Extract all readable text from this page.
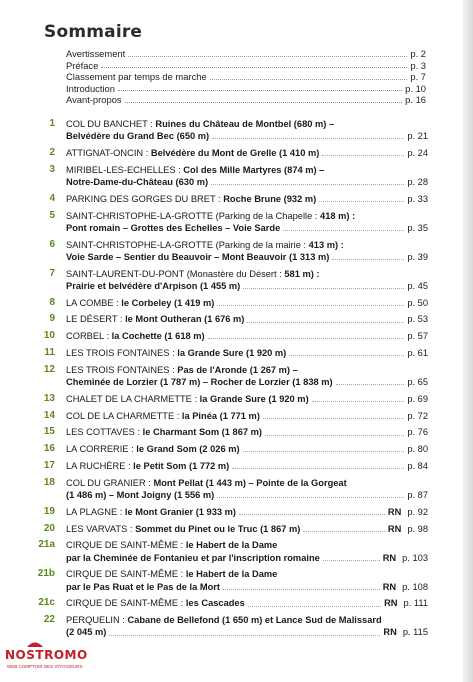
Sommaire
Avertissement	p. 2
Préface	p. 3
Classement par temps de marche	p. 7
Introduction	p. 10
Avant-propos	p. 16
1 COL DU BANCHET : Ruines du Château de Montbel (680 m) –
Belvédère du Grand Bec (650 m)	p. 21
2 ATTIGNAT-ONCIN : Belvédère du Mont de Grelle (1 410 m)	p. 24
3 MIRIBEL-LES-ECHELLES : Col des Mille Martyres (874 m) –
Notre-Dame-du-Château (630 m)	p. 28
4 PARKING DES GORGES DU BRET : Roche Brune (932 m)	p. 33
5 SAINT-CHRISTOPHE-LA-GROTTE (Parking de la Chapelle : 418 m) :
Pont romain – Grottes des Echelles – Voie Sarde	p. 35
6 SAINT-CHRISTOPHE-LA-GROTTE (Parking de la mairie : 413 m) :
Voie Sarde – Sentier du Beauvoir – Mont Beauvoir (1 313 m)	p. 39
7 SAINT-LAURENT-DU-PONT (Monastère du Désert : 581 m) :
Prairie et belvédère d'Arpison (1 455 m)	p. 45
8 LA COMBE : le Corbeley (1 419 m)	p. 50
9 LE DÉSERT : le Mont Outheran (1 676 m)	p. 53
10 CORBEL : la Cochette (1 618 m)	p. 57
11 LES TROIS FONTAINES : la Grande Sure (1 920 m)	p. 61
12 LES TROIS FONTAINES : Pas de l'Aronde (1 267 m) –
Cheminée de Lorzier (1 787 m) – Rocher de Lorzier (1 838 m)	p. 65
13 CHALET DE LA CHARMETTE : la Grande Sure (1 920 m)	p. 69
14 COL DE LA CHARMETTE : la Pinéa (1 771 m)	p. 72
15 LES COTTAVES : le Charmant Som (1 867 m)	p. 76
16 LA CORRERIE : le Grand Som (2 026 m)	p. 80
17 LA RUCHÈRE : le Petit Som (1 772 m)	p. 84
18 COL DU GRANIER : Mont Pellat (1 443 m) – Pointe de la Gorgeat
(1 486 m) – Mont Joigny (1 556 m)	p. 87
19 LA PLAGNE : le Mont Granier (1 933 m)	RN p. 92
20 LES VARVATS : Sommet du Pinet ou le Truc (1 867 m)	RN p. 98
21a CIRQUE DE SAINT-MÊME : le Habert de la Dame
par la Cheminée de Fontanieu et par l'inscription romaine	RN p. 103
21b CIRQUE DE SAINT-MÊME : le Habert de la Dame
par le Pas Ruat et le Pas de la Mort	RN p. 108
21c CIRQUE DE SAINT-MÊME : les Cascades	RN p. 111
22 PERQUELIN : Cabane de Bellefond (1 650 m) et Lance Sud de Malissard
(2 045 m)	RN p. 115
NOSTROMO
WEB COMPTOIR DES VOYAGEURS
